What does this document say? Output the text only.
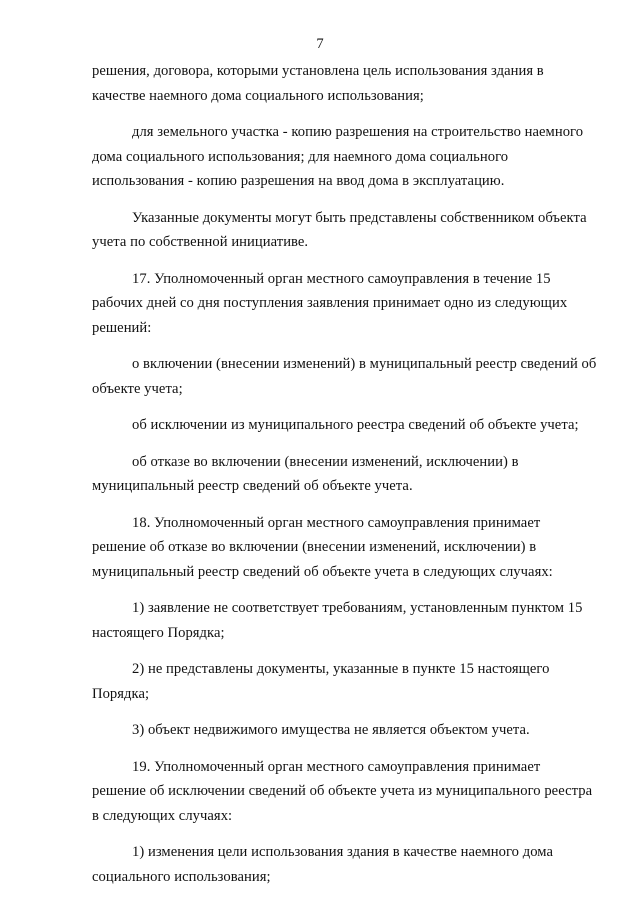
7

решения, договора, которыми установлена цель использования здания в
качестве наемного дома социального использования;

для земельного участка - копию разрешения на строительство наемного
дома социального использования; для наемного дома социального
использования - копию разрешения на ввод дома в эксплуатацию.

Указанные документы могут быть представлены собственником объекта
учета по собственной инициативе.

17. Уполномоченный орган местного самоуправления в течение 15
рабочих дней со дня поступления заявления принимает одно из следующих
решений:

о включении (внесении изменений) в муниципальный реестр сведений об
объекте учета;

об исключении из муниципального реестра сведений об объекте учета;

об отказе во включении (внесении изменений, исключении) в
муниципальный реестр сведений об объекте учета.

18. Уполномоченный орган местного самоуправления принимает
решение об отказе во включении (внесении изменений, исключении) в
муниципальный реестр сведений об объекте учета в следующих случаях:

1) заявление не соответствует требованиям, установленным пунктом 15
настоящего Порядка;

2) не представлены документы, указанные в пункте 15 настоящего
Порядка;

3) объект недвижимого имущества не является объектом учета.

19. Уполномоченный орган местного самоуправления принимает
решение об исключении сведений об объекте учета из муниципального реестра
в следующих случаях:

1) изменения цели использования здания в качестве наемного дома
социального использования;
